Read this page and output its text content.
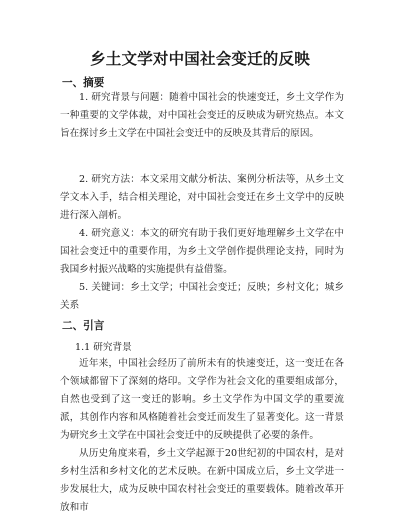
乡土文学对中国社会变迁的反映
一、摘要

1. 研究背景与问题：随着中国社会的快速变迁，乡土文学作为一种重要的文学体裁，对中国社会变迁的反映成为研究热点。本文旨在探讨乡土文学在中国社会变迁中的反映及其背后的原因。

2. 研究方法：本文采用文献分析法、案例分析法等，从乡土文学文本入手，结合相关理论，对中国社会变迁在乡土文学中的反映进行深入剖析。

4. 研究意义：本文的研究有助于我们更好地理解乡土文学在中国社会变迁中的重要作用，为乡土文学创作提供理论支持，同时为我国乡村振兴战略的实施提供有益借鉴。

5. 关键词：乡土文学；中国社会变迁；反映；乡村文化；城乡关系

二、引言
1.1 研究背景

近年来，中国社会经历了前所未有的快速变迁，这一变迁在各个领域都留下了深刻的烙印。文学作为社会文化的重要组成部分，自然也受到了这一变迁的影响。乡土文学作为中国文学的重要流派，其创作内容和风格随着社会变迁而发生了显著变化。这一背景为研究乡土文学在中国社会变迁中的反映提供了必要的条件。

从历史角度来看，乡土文学起源于20世纪初的中国农村，是对乡村生活和乡村文化的艺术反映。在新中国成立后，乡土文学进一步发展壮大，成为反映中国农村社会变迁的重要载体。随着改革开放和市
